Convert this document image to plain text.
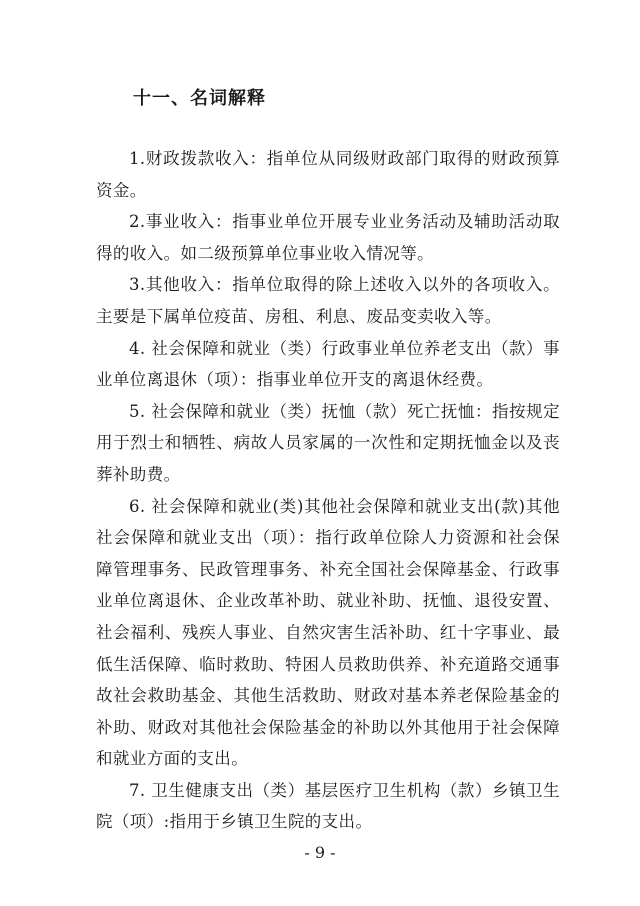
十一、名词解释

1.财政拨款收入：指单位从同级财政部门取得的财政预算资金。

2.事业收入：指事业单位开展专业业务活动及辅助活动取得的收入。如二级预算单位事业收入情况等。

3.其他收入：指单位取得的除上述收入以外的各项收入。主要是下属单位疫苗、房租、利息、废品变卖收入等。

4. 社会保障和就业（类）行政事业单位养老支出（款）事业单位离退休（项）：指事业单位开支的离退休经费。

5. 社会保障和就业（类）抚恤（款）死亡抚恤：指按规定用于烈士和牺牲、病故人员家属的一次性和定期抚恤金以及丧葬补助费。

6. 社会保障和就业(类)其他社会保障和就业支出(款)其他社会保障和就业支出（项）：指行政单位除人力资源和社会保障管理事务、民政管理事务、补充全国社会保障基金、行政事业单位离退休、企业改革补助、就业补助、抚恤、退役安置、社会福利、残疾人事业、自然灾害生活补助、红十字事业、最低生活保障、临时救助、特困人员救助供养、补充道路交通事故社会救助基金、其他生活救助、财政对基本养老保险基金的补助、财政对其他社会保险基金的补助以外其他用于社会保障和就业方面的支出。

7. 卫生健康支出（类）基层医疗卫生机构（款）乡镇卫生院（项）:指用于乡镇卫生院的支出。

- 9 -
